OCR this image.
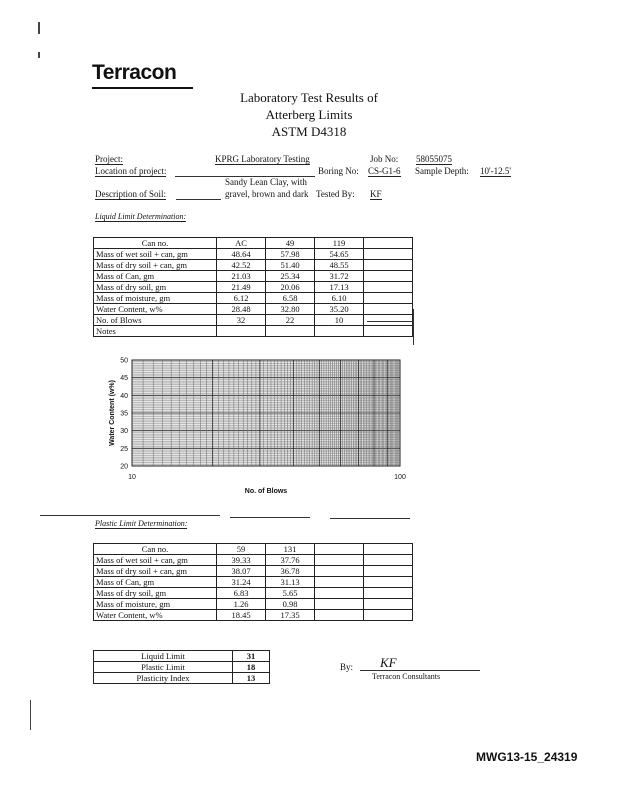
Terracon
Laboratory Test Results of
Atterberg Limits
ASTM D4318
Project:	KPRG Laboratory Testing	Job No: 58055075
Location of project:	Boring No: CS-G1-6 Sample Depth: 10'-12.5'
Sandy Lean Clay, with
Description of Soil:	gravel, brown and dark Tested By: KF
Liquid Limit Determination:
Can no.	AC	49	119	
Mass of wet soil + can, gm	48.64	57.98	54.65	
Mass of dry soil + can, gm	42.52	51.40	48.55	
Mass of Can, gm	21.03	25.34	31.72	
Mass of dry soil, gm	21.49	20.06	17.13	
Mass of moisture, gm	6.12	6.58	6.10	
Water Content, w%	28.48	32.80	35.20	
No. of Blows	32	22	10	
Notes				
20
25
30
35
40
45
50
10	100
No. of Blows
Water Content (w%)
Plastic Limit Determination:
Can no.	59	131		
Mass of wet soil + can, gm	39.33	37.76		
Mass of dry soil + can, gm	38.07	36.78		
Mass of Can, gm	31.24	31.13		
Mass of dry soil, gm	6.83	5.65		
Mass of moisture, gm	1.26	0.98		
Water Content, w%	18.45	17.35		
Liquid Limit	31
Plastic Limit	18
Plasticity Index	13
By: KF
Terracon Consultants
MWG13-15_24319
